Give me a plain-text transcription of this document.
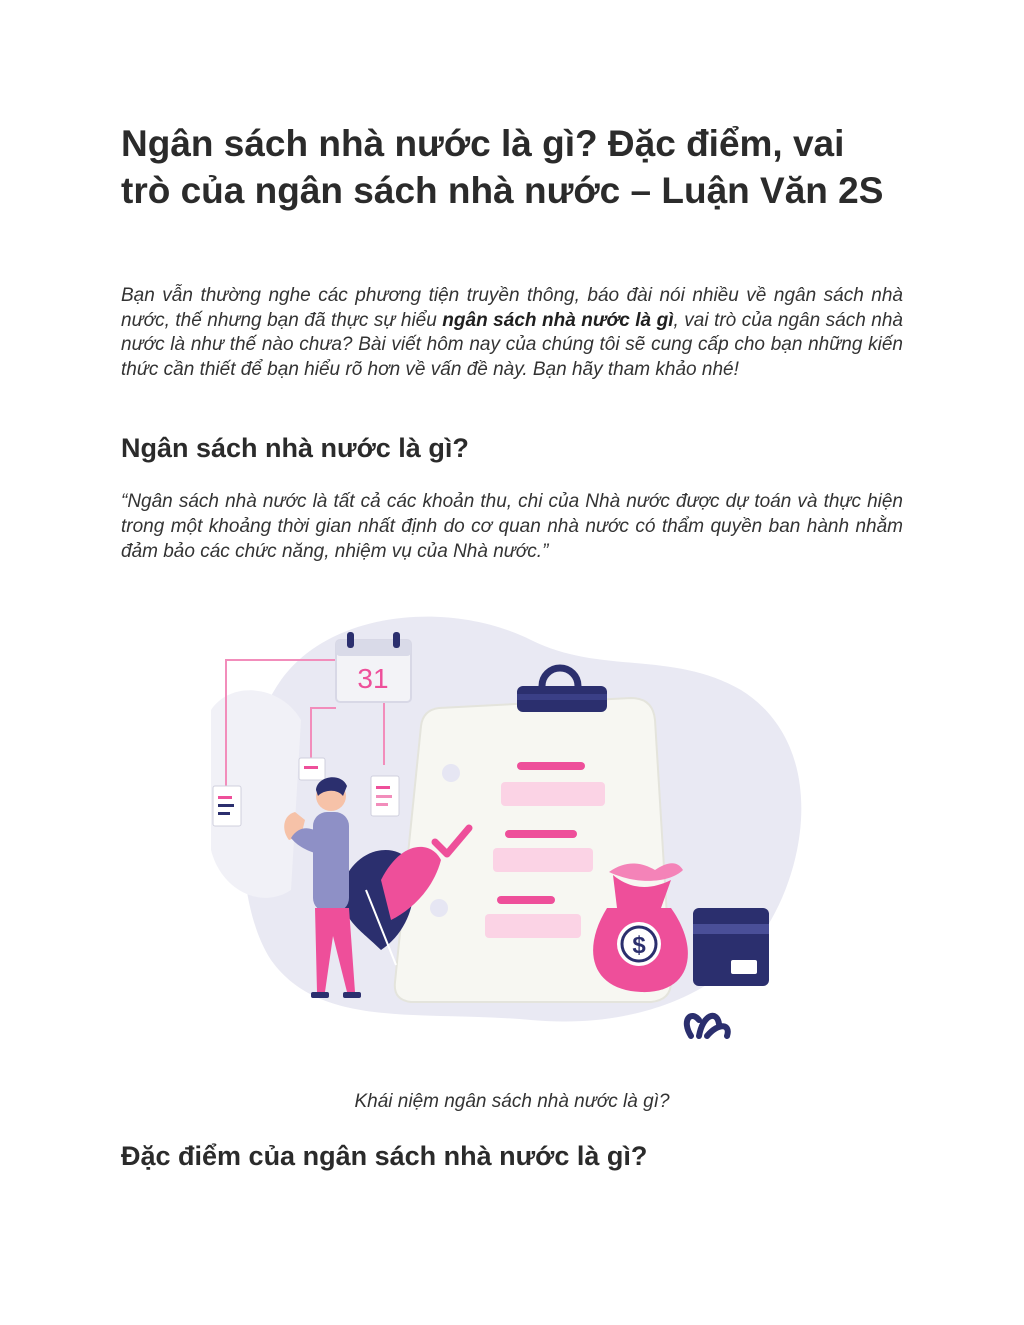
Ngân sách nhà nước là gì? Đặc điểm, vai trò của ngân sách nhà nước – Luận Văn 2S

Bạn vẫn thường nghe các phương tiện truyền thông, báo đài nói nhiều về ngân sách nhà nước, thế nhưng bạn đã thực sự hiểu ngân sách nhà nước là gì, vai trò của ngân sách nhà nước là như thế nào chưa? Bài viết hôm nay của chúng tôi sẽ cung cấp cho bạn những kiến thức cần thiết để bạn hiểu rõ hơn về vấn đề này. Bạn hãy tham khảo nhé!

Ngân sách nhà nước là gì?

“Ngân sách nhà nước là tất cả các khoản thu, chi của Nhà nước được dự toán và thực hiện trong một khoảng thời gian nhất định do cơ quan nhà nước có thẩm quyền ban hành nhằm đảm bảo các chức năng, nhiệm vụ của Nhà nước.”

31
$
Khái niệm ngân sách nhà nước là gì?
Đặc điểm của ngân sách nhà nước là gì?
